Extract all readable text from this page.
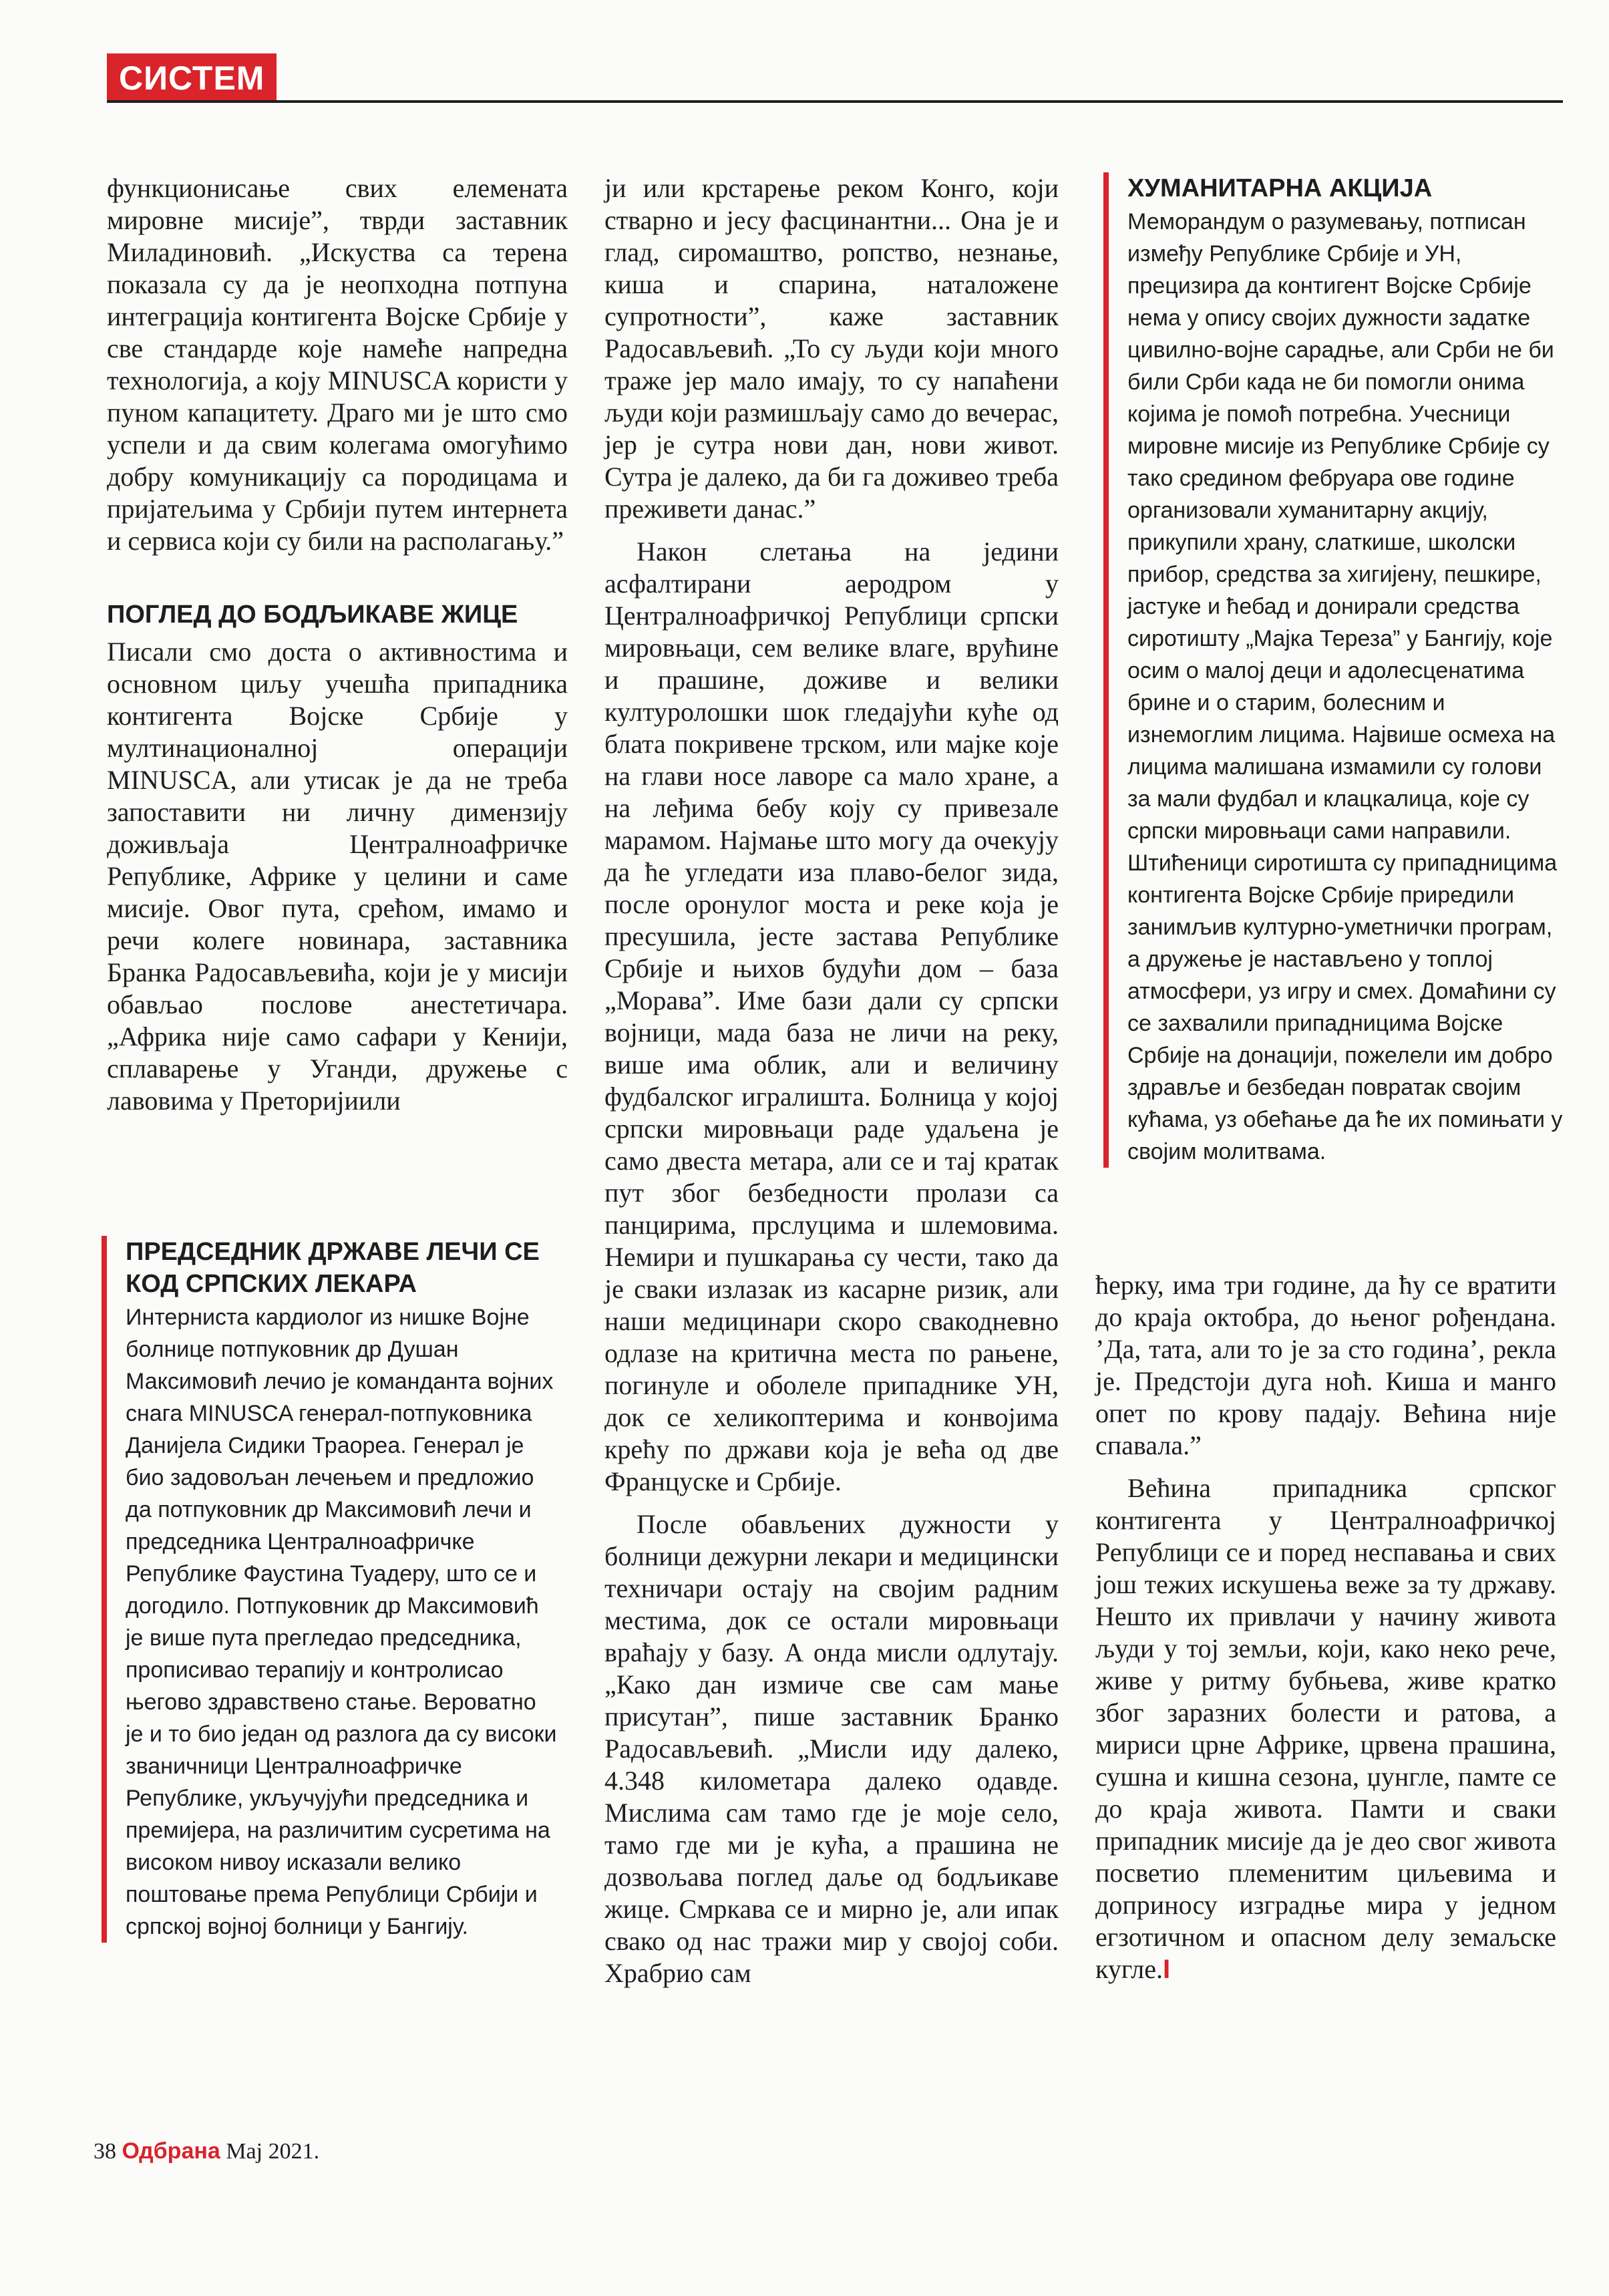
СИСТЕМ

функционисање свих елемената мировне мисије”, тврди заставник Миладиновић. „Искуства са терена показала су да је неопходна потпуна интеграција контигента Војске Србије у све стандарде које намеће напредна технологија, а коју MINUSCA користи у пуном капацитету. Драго ми је што смо успели и да свим колегама омогућимо добру комуникацију са породицама и пријатељима у Србији путем интернета и сервиса који су били на располагању.”

ПОГЛЕД ДО БОДЉИКАВЕ ЖИЦЕ

Писали смо доста о активностима и основном циљу учешћа припадника контигента Војске Србије у мултинационалној операцији MINUSCA, али утисак је да не треба запоставити ни личну димензију доживљаја Централноафричке Републике, Африке у целини и саме мисије. Овог пута, срећом, имамо и речи колеге новинара, заставника Бранка Радосављевића, који је у мисији обављао послове анестетичара. „Африка није само сафари у Кенији, сплаварење у Уганди, дружење с лавовима у Преторијиили

ПРЕДСЕДНИК ДРЖАВЕ ЛЕЧИ СЕ КОД СРПСКИХ ЛЕКАРА

Интерниста кардиолог из нишке Војне болнице потпуковник др Душан Максимовић лечио је команданта војних снага MINUSCA генерал-потпуковника Данијела Сидики Траореа. Генерал је био задовољан лечењем и предложио да потпуковник др Максимовић лечи и председника Централноафричке Републике Фаустина Туадеру, што се и догодило. Потпуковник др Максимовић је више пута прегледао председника, прописивао терапију и контролисао његово здравствено стање. Вероватно је и то био један од разлога да су високи званичници Централноафричке Републике, укључујући председника и премијера, на различитим сусретима на високом нивоу исказали велико поштовање према Републици Србији и српској војној болници у Бангију.

ји или крстарење реком Конго, који стварно и јесу фасцинантни... Она је и глад, сиромаштво, ропство, незнање, киша и спарина, наталожене супротности”, каже заставник Радосављевић. „То су људи који много траже јер мало имају, то су напаћени људи који размишљају само до вечерас, јер је сутра нови дан, нови живот. Сутра је далеко, да би га доживео треба преживети данас.”

Након слетања на једини асфалтирани аеродром у Централноафричкој Републици српски мировњаци, сем велике влаге, врућине и прашине, доживе и велики културолошки шок гледајући куће од блата покривене трском, или мајке које на глави носе лаворе са мало хране, а на леђима бебу коју су привезале марамом. Најмање што могу да очекују да ће угледати иза плаво-белог зида, после оронулог моста и реке која је пресушила, јесте застава Републике Србије и њихов будући дом – база „Морава”. Име бази дали су српски војници, мада база не личи на реку, више има облик, али и величину фудбалског игралишта. Болница у којој српски мировњаци раде удаљена је само двеста метара, али се и тај кратак пут због безбедности пролази са панцирима, прслуцима и шлемовима. Немири и пушкарања су чести, тако да је сваки излазак из касарне ризик, али наши медицинари скоро свакодневно одлазе на критична места по рањене, погинуле и оболеле припаднике УН, док се хеликоптерима и конвојима крећу по држави која је већа од две Француске и Србије.

После обављених дужности у болници дежурни лекари и медицински техничари остају на својим радним местима, док се остали мировњаци враћају у базу. А онда мисли одлутају. „Како дан измиче све сам мање присутан”, пише заставник Бранко Радосављевић. „Мисли иду далеко, 4.348 километара далеко одавде. Мислима сам тамо где је моје село, тамо где ми је кућа, а прашина не дозвољава поглед даље од бодљикаве жице. Смркава се и мирно је, али ипак свако од нас тражи мир у својој соби. Храбрио сам

ХУМАНИТАРНА АКЦИЈА

Меморандум о разумевању, потписан између Републике Србије и УН, прецизира да контигент Војске Србије нема у опису својих дужности задатке цивилно-војне сарадње, али Срби не би били Срби када не би помогли онима којима је помоћ потребна. Учесници мировне мисије из Републике Србије су тако средином фебруара ове године организовали хуманитарну акцију, прикупили храну, слаткише, школски прибор, средства за хигијену, пешкире, јастуке и ћебад и донирали средства сиротишту „Мајка Тереза” у Бангију, које осим о малој деци и адолесценатима брине и о старим, болесним и изнемоглим лицима. Највише осмеха на лицима малишана измамили су голови за мали фудбал и клацкалица, које су српски мировњаци сами направили. Штићеници сиротишта су припадницима контигента Војске Србије приредили занимљив културно-уметнички програм, а дружење је настављено у топлој атмосфери, уз игру и смех. Домаћини су се захвалили припадницима Војске Србије на донацији, пожелели им добро здравље и безбедан повратак својим кућама, уз обећање да ће их помињати у својим молитвама.

ћерку, има три године, да ћу се вратити до краја октобра, до њеног рођендана. ’Да, тата, али то је за сто година’, рекла је. Предстоји дуга ноћ. Киша и манго опет по крову падају. Већина није спавала.”

Већина припадника српског контигента у Централноафричкој Републици се и поред неспавања и свих још тежих искушења веже за ту државу. Нешто их привлачи у начину живота људи у тој земљи, који, како неко рече, живе у ритму бубњева, живе кратко због заразних болести и ратова, а мириси црне Африке, црвена прашина, сушна и кишна сезона, џунгле, памте се до краја живота. Памти и сваки припадник мисије да је део свог живота посветио племенитим циљевима и доприносу изградње мира у једном егзотичном и опасном делу земаљске кугле.I

38 Одбрана Мај 2021.
